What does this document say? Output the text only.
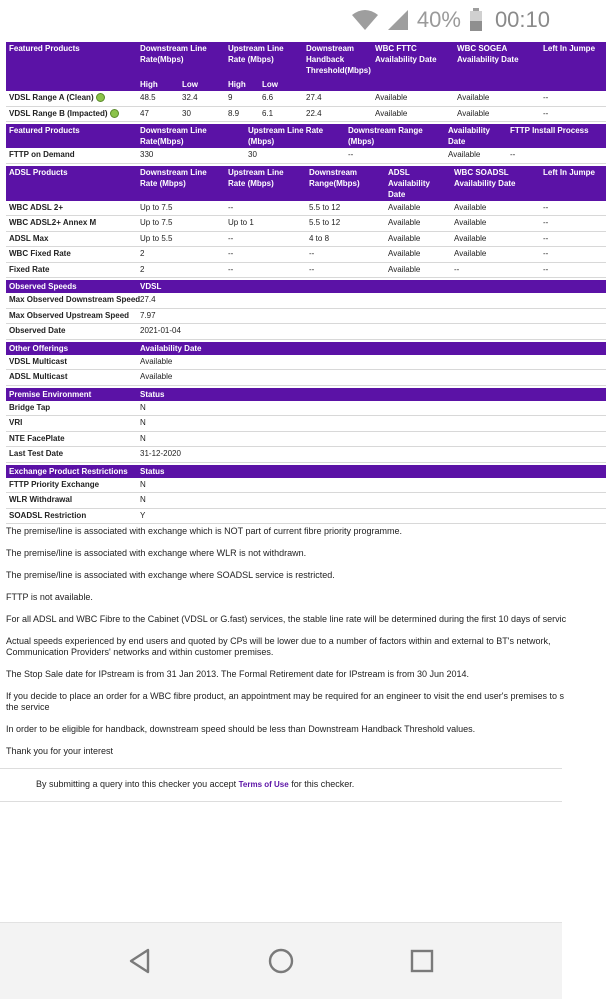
40% 00:10
Featured Products	Downstream Line Rate(Mbps)		Upstream Line Rate (Mbps)		Downstream Handback Threshold(Mbps)	WBC FTTC Availability Date	WBC SOGEA Availability Date	Left In Jumpe
	High	Low	High	Low				
VDSL Range A (Clean)	48.5	32.4	9	6.6	27.4	Available	Available	--
VDSL Range B (Impacted)	47	30	8.9	6.1	22.4	Available	Available	--
Featured Products	Downstream Line Rate(Mbps)	Upstream Line Rate (Mbps)	Downstream Range (Mbps)	Availability Date	FTTP Install Process
FTTP on Demand	330	30	--	Available	--
ADSL Products	Downstream Line Rate (Mbps)	Upstream Line Rate (Mbps)	Downstream Range(Mbps)	ADSL Availability Date	WBC SOADSL Availability Date	Left In Jumpe
WBC ADSL 2+	Up to 7.5	--	5.5 to 12	Available	Available	--
WBC ADSL2+ Annex M	Up to 7.5	Up to 1	5.5 to 12	Available	Available	--
ADSL Max	Up to 5.5	--	4 to 8	Available	Available	--
WBC Fixed Rate	2	--	--	Available	Available	--
Fixed Rate	2	--	--	Available	--	--
Observed Speeds	VDSL
Max Observed Downstream Speed	27.4
Max Observed Upstream Speed	7.97
Observed Date	2021-01-04
Other Offerings	Availability Date
VDSL Multicast	Available
ADSL Multicast	Available
Premise Environment	Status
Bridge Tap	N
VRI	N
NTE FacePlate	N
Last Test Date	31-12-2020
Exchange Product Restrictions	Status
FTTP Priority Exchange	N
WLR Withdrawal	N
SOADSL Restriction	Y
The premise/line is associated with exchange which is NOT part of current fibre priority programme.
The premise/line is associated with exchange where WLR is not withdrawn.
The premise/line is associated with exchange where SOADSL service is restricted.
FTTP is not available.
For all ADSL and WBC Fibre to the Cabinet (VDSL or G.fast) services, the stable line rate will be determined during the first 10 days of servic
Actual speeds experienced by end users and quoted by CPs will be lower due to a number of factors within and external to BT's network,
Communication Providers' networks and within customer premises.
The Stop Sale date for IPstream is from 31 Jan 2013. The Formal Retirement date for IPstream is from 30 Jun 2014.
If you decide to place an order for a WBC fibre product, an appointment may be required for an engineer to visit the end user's premises to s
the service
In order to be eligible for handback, downstream speed should be less than Downstream Handback Threshold values.
Thank you for your interest
By submitting a query into this checker you accept Terms of Use for this checker.
